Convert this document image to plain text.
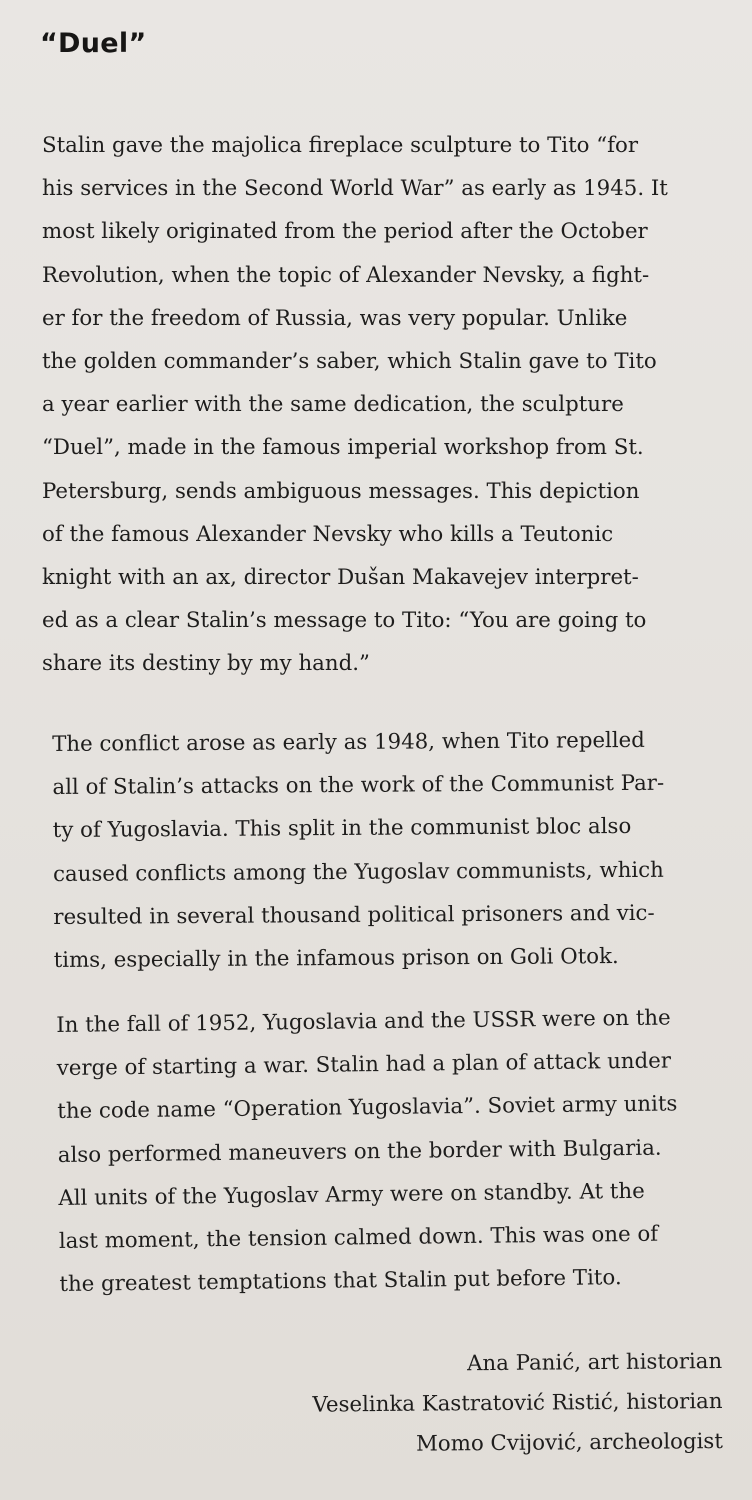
“Duel”

Stalin gave the majolica fireplace sculpture to Tito “for
his services in the Second World War” as early as 1945. It
most likely originated from the period after the October
Revolution, when the topic of Alexander Nevsky, a fight-
er for the freedom of Russia, was very popular. Unlike
the golden commander’s saber, which Stalin gave to Tito
a year earlier with the same dedication, the sculpture
“Duel”, made in the famous imperial workshop from St.
Petersburg, sends ambiguous messages. This depiction
of the famous Alexander Nevsky who kills a Teutonic
knight with an ax, director Dušan Makavejev interpret-
ed as a clear Stalin’s message to Tito: “You are going to
share its destiny by my hand.”

The conflict arose as early as 1948, when Tito repelled
all of Stalin’s attacks on the work of the Communist Par-
ty of Yugoslavia. This split in the communist bloc also
caused conflicts among the Yugoslav communists, which
resulted in several thousand political prisoners and vic-
tims, especially in the infamous prison on Goli Otok.

In the fall of 1952, Yugoslavia and the USSR were on the
verge of starting a war. Stalin had a plan of attack under
the code name “Operation Yugoslavia”. Soviet army units
also performed maneuvers on the border with Bulgaria.
All units of the Yugoslav Army were on standby. At the
last moment, the tension calmed down. This was one of
the greatest temptations that Stalin put before Tito.

Ana Panić, art historian
Veselinka Kastratović Ristić, historian
Momo Cvijović, archeologist
